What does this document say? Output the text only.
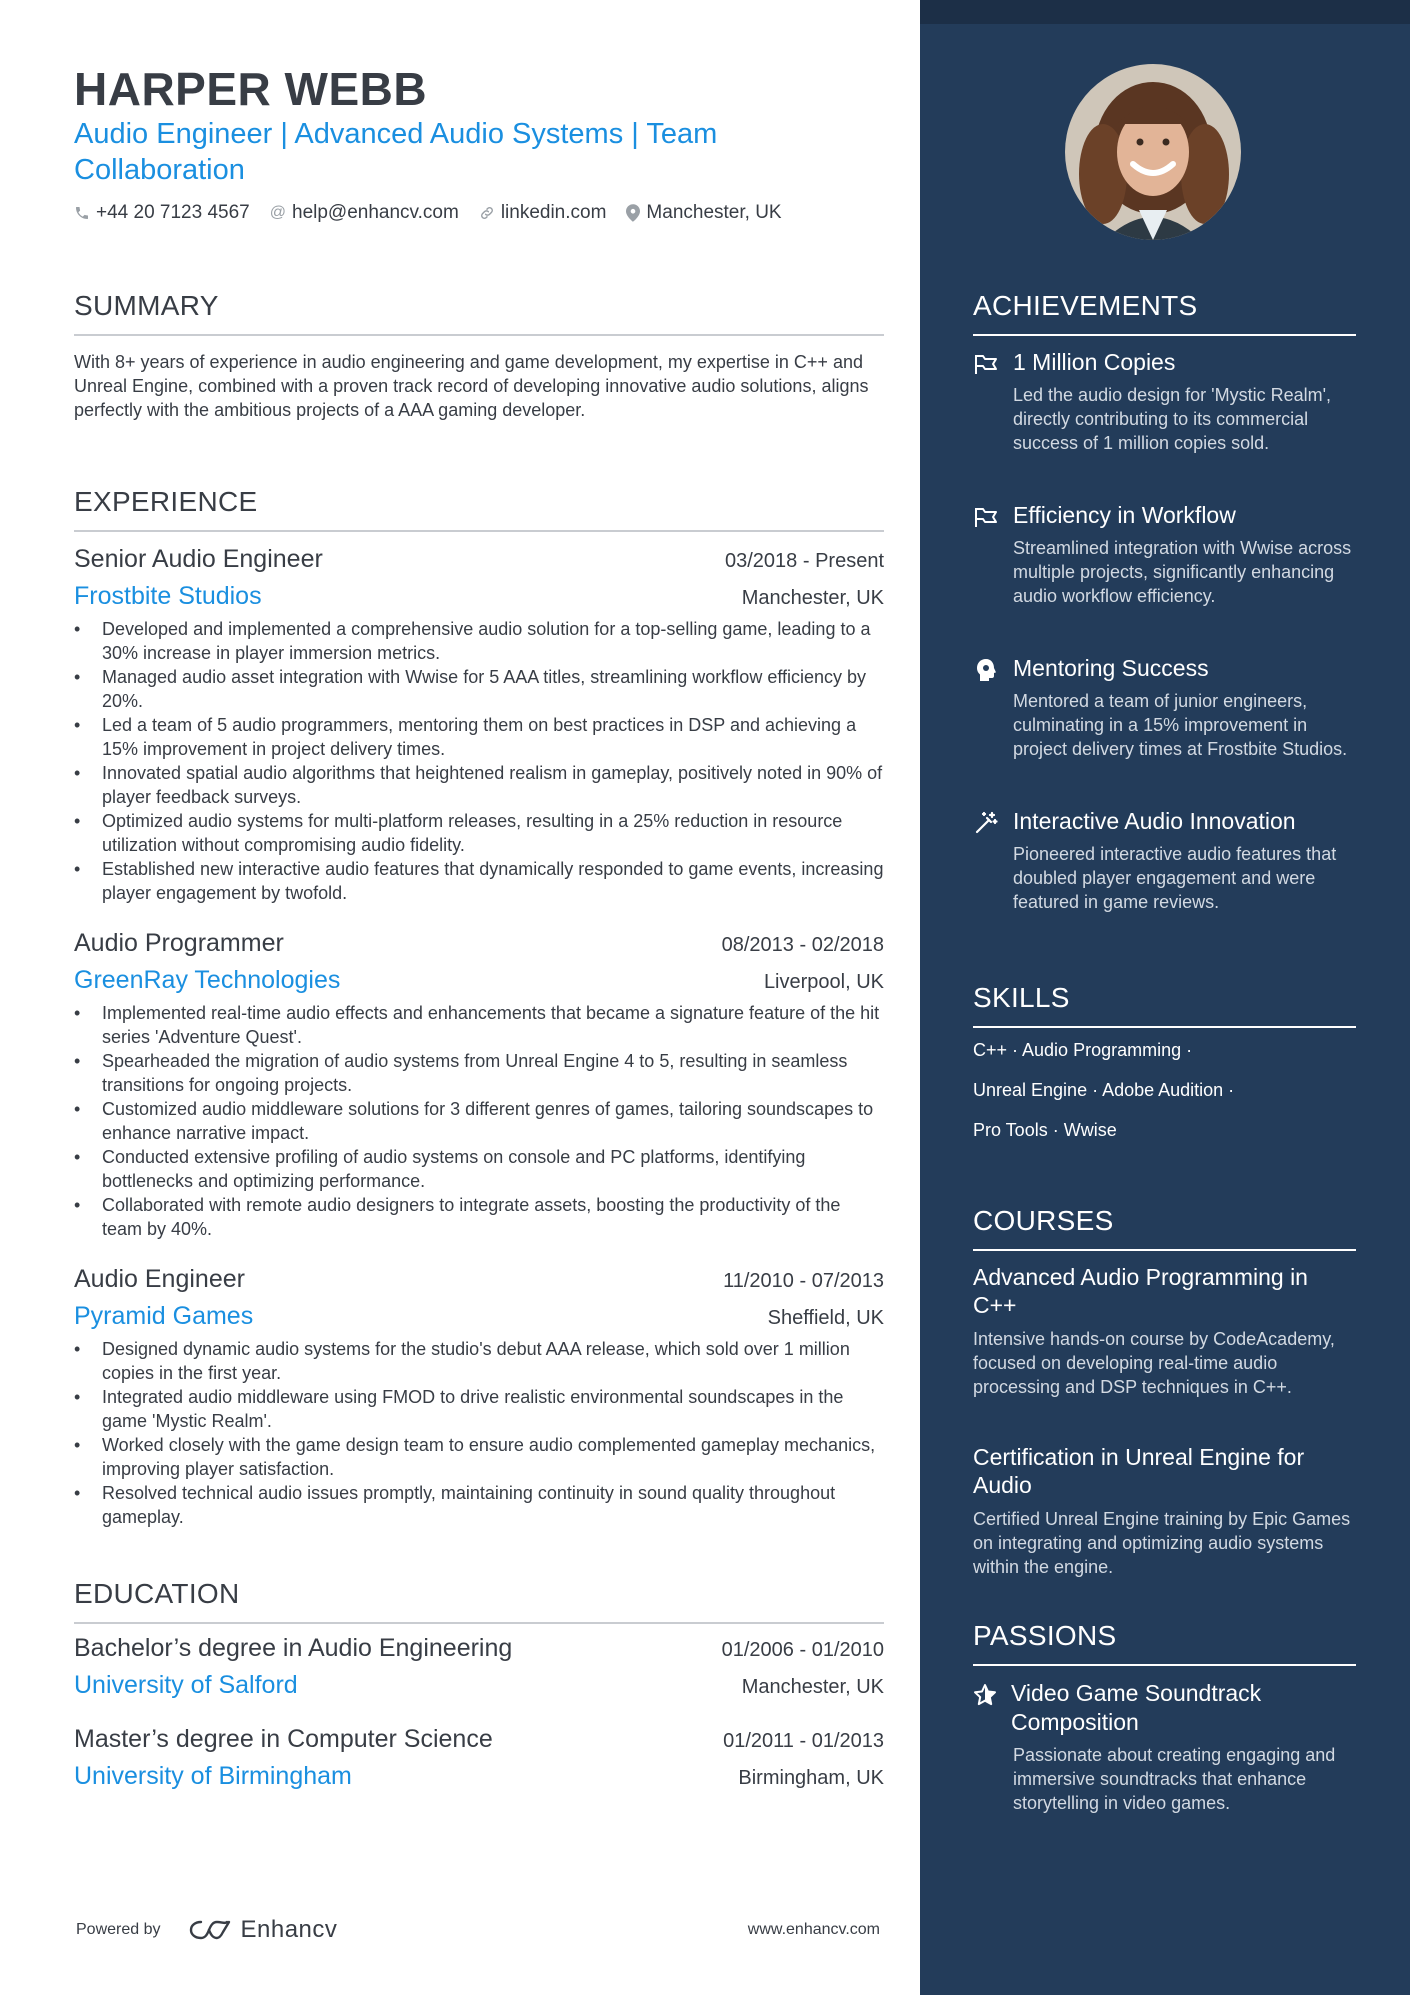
HARPER WEBB
Audio Engineer | Advanced Audio Systems | Team Collaboration
+44 20 7123 4567 @ help@enhancv.com linkedin.com Manchester, UK
SUMMARY
With 8+ years of experience in audio engineering and game development, my expertise in C++ and Unreal Engine, combined with a proven track record of developing innovative audio solutions, aligns perfectly with the ambitious projects of a AAA gaming developer.
EXPERIENCE
Senior Audio Engineer	03/2018 - Present
Frostbite Studios	Manchester, UK
• Developed and implemented a comprehensive audio solution for a top-selling game, leading to a 30% increase in player immersion metrics.
• Managed audio asset integration with Wwise for 5 AAA titles, streamlining workflow efficiency by 20%.
• Led a team of 5 audio programmers, mentoring them on best practices in DSP and achieving a 15% improvement in project delivery times.
• Innovated spatial audio algorithms that heightened realism in gameplay, positively noted in 90% of player feedback surveys.
• Optimized audio systems for multi-platform releases, resulting in a 25% reduction in resource utilization without compromising audio fidelity.
• Established new interactive audio features that dynamically responded to game events, increasing player engagement by twofold.
Audio Programmer	08/2013 - 02/2018
GreenRay Technologies	Liverpool, UK
• Implemented real-time audio effects and enhancements that became a signature feature of the hit series 'Adventure Quest'.
• Spearheaded the migration of audio systems from Unreal Engine 4 to 5, resulting in seamless transitions for ongoing projects.
• Customized audio middleware solutions for 3 different genres of games, tailoring soundscapes to enhance narrative impact.
• Conducted extensive profiling of audio systems on console and PC platforms, identifying bottlenecks and optimizing performance.
• Collaborated with remote audio designers to integrate assets, boosting the productivity of the team by 40%.
Audio Engineer	11/2010 - 07/2013
Pyramid Games	Sheffield, UK
• Designed dynamic audio systems for the studio's debut AAA release, which sold over 1 million copies in the first year.
• Integrated audio middleware using FMOD to drive realistic environmental soundscapes in the game 'Mystic Realm'.
• Worked closely with the game design team to ensure audio complemented gameplay mechanics, improving player satisfaction.
• Resolved technical audio issues promptly, maintaining continuity in sound quality throughout gameplay.
EDUCATION
Bachelor’s degree in Audio Engineering	01/2006 - 01/2010
University of Salford	Manchester, UK
Master’s degree in Computer Science	01/2011 - 01/2013
University of Birmingham	Birmingham, UK
Powered by	Enhancv	www.enhancv.com
ACHIEVEMENTS
1 Million Copies
Led the audio design for 'Mystic Realm', directly contributing to its commercial success of 1 million copies sold.
Efficiency in Workflow
Streamlined integration with Wwise across multiple projects, significantly enhancing audio workflow efficiency.
Mentoring Success
Mentored a team of junior engineers, culminating in a 15% improvement in project delivery times at Frostbite Studios.
Interactive Audio Innovation
Pioneered interactive audio features that doubled player engagement and were featured in game reviews.
SKILLS
C++ · Audio Programming ·
Unreal Engine · Adobe Audition ·
Pro Tools · Wwise
COURSES
Advanced Audio Programming in C++
Intensive hands-on course by CodeAcademy, focused on developing real-time audio processing and DSP techniques in C++.
Certification in Unreal Engine for Audio
Certified Unreal Engine training by Epic Games on integrating and optimizing audio systems within the engine.
PASSIONS
Video Game Soundtrack Composition
Passionate about creating engaging and immersive soundtracks that enhance storytelling in video games.
